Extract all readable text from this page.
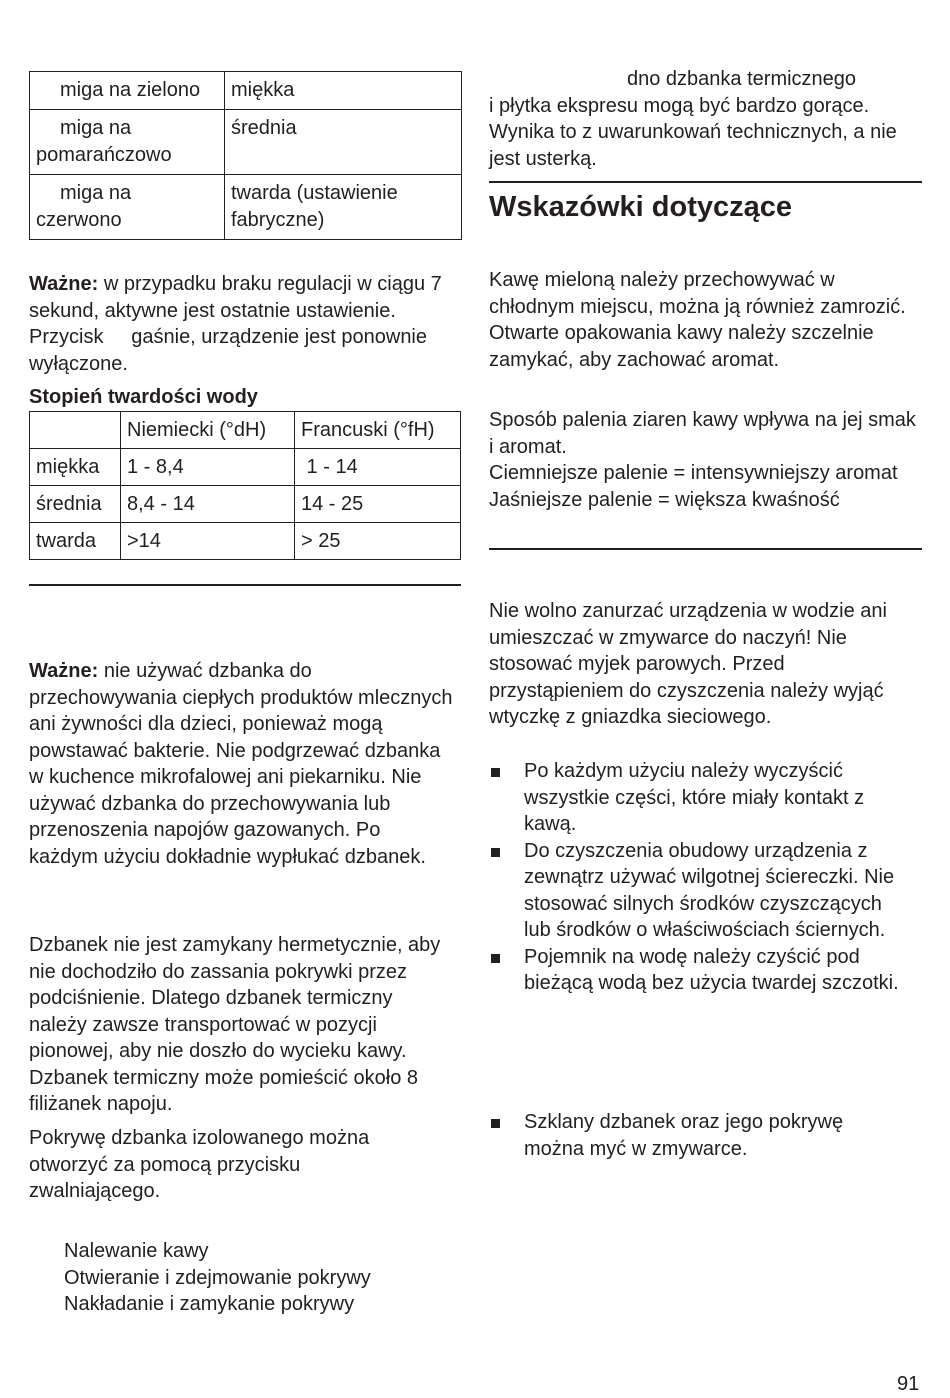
miga na zielono	miękka

miga na pomarańczowo	średnia

miga na czerwono	twarda (ustawienie fabryczne)

Ważne: w przypadku braku regulacji w ciągu 7 sekund, aktywne jest ostatnie ustawienie. Przycisk gaśnie, urządzenie jest ponownie wyłączone.

Stopień twardości wody

	Niemiecki (°dH)	Francuski (°fH)
miękka	1 - 8,4	1 - 14
średnia	8,4 - 14	14 - 25
twarda	>14	> 25

Ważne: nie używać dzbanka do przechowywania ciepłych produktów mlecznych ani żywności dla dzieci, ponieważ mogą powstawać bakterie. Nie podgrzewać dzbanka w kuchence mikrofalowej ani piekarniku. Nie używać dzbanka do przechowywania lub przenoszenia napojów gazowanych. Po każdym użyciu dokładnie wypłukać dzbanek.

Dzbanek nie jest zamykany hermetycznie, aby nie dochodziło do zassania pokrywki przez podciśnienie. Dlatego dzbanek termiczny należy zawsze transportować w pozycji pionowej, aby nie doszło do wycieku kawy. Dzbanek termiczny może pomieścić około 8 filiżanek napoju.

Pokrywę dzbanka izolowanego można otworzyć za pomocą przycisku zwalniającego.

Nalewanie kawy
Otwieranie i zdejmowanie pokrywy
Nakładanie i zamykanie pokrywy

dno dzbanka termicznego
i płytka ekspresu mogą być bardzo gorące. Wynika to z uwarunkowań technicznych, a nie jest usterką.

Wskazówki dotyczące

Kawę mieloną należy przechowywać w chłodnym miejscu, można ją również zamrozić. Otwarte opakowania kawy należy szczelnie zamykać, aby zachować aromat.

Sposób palenia ziaren kawy wpływa na jej smak i aromat.
Ciemniejsze palenie = intensywniejszy aromat
Jaśniejsze palenie = większa kwaśność

Nie wolno zanurzać urządzenia w wodzie ani umieszczać w zmywarce do naczyń! Nie stosować myjek parowych. Przed przystąpieniem do czyszczenia należy wyjąć wtyczkę z gniazdka sieciowego.

Po każdym użyciu należy wyczyścić wszystkie części, które miały kontakt z kawą.
Do czyszczenia obudowy urządzenia z zewnątrz używać wilgotnej ściereczki. Nie stosować silnych środków czyszczących lub środków o właściwościach ściernych.
Pojemnik na wodę należy czyścić pod bieżącą wodą bez użycia twardej szczotki.
Szklany dzbanek oraz jego pokrywę można myć w zmywarce.
91
